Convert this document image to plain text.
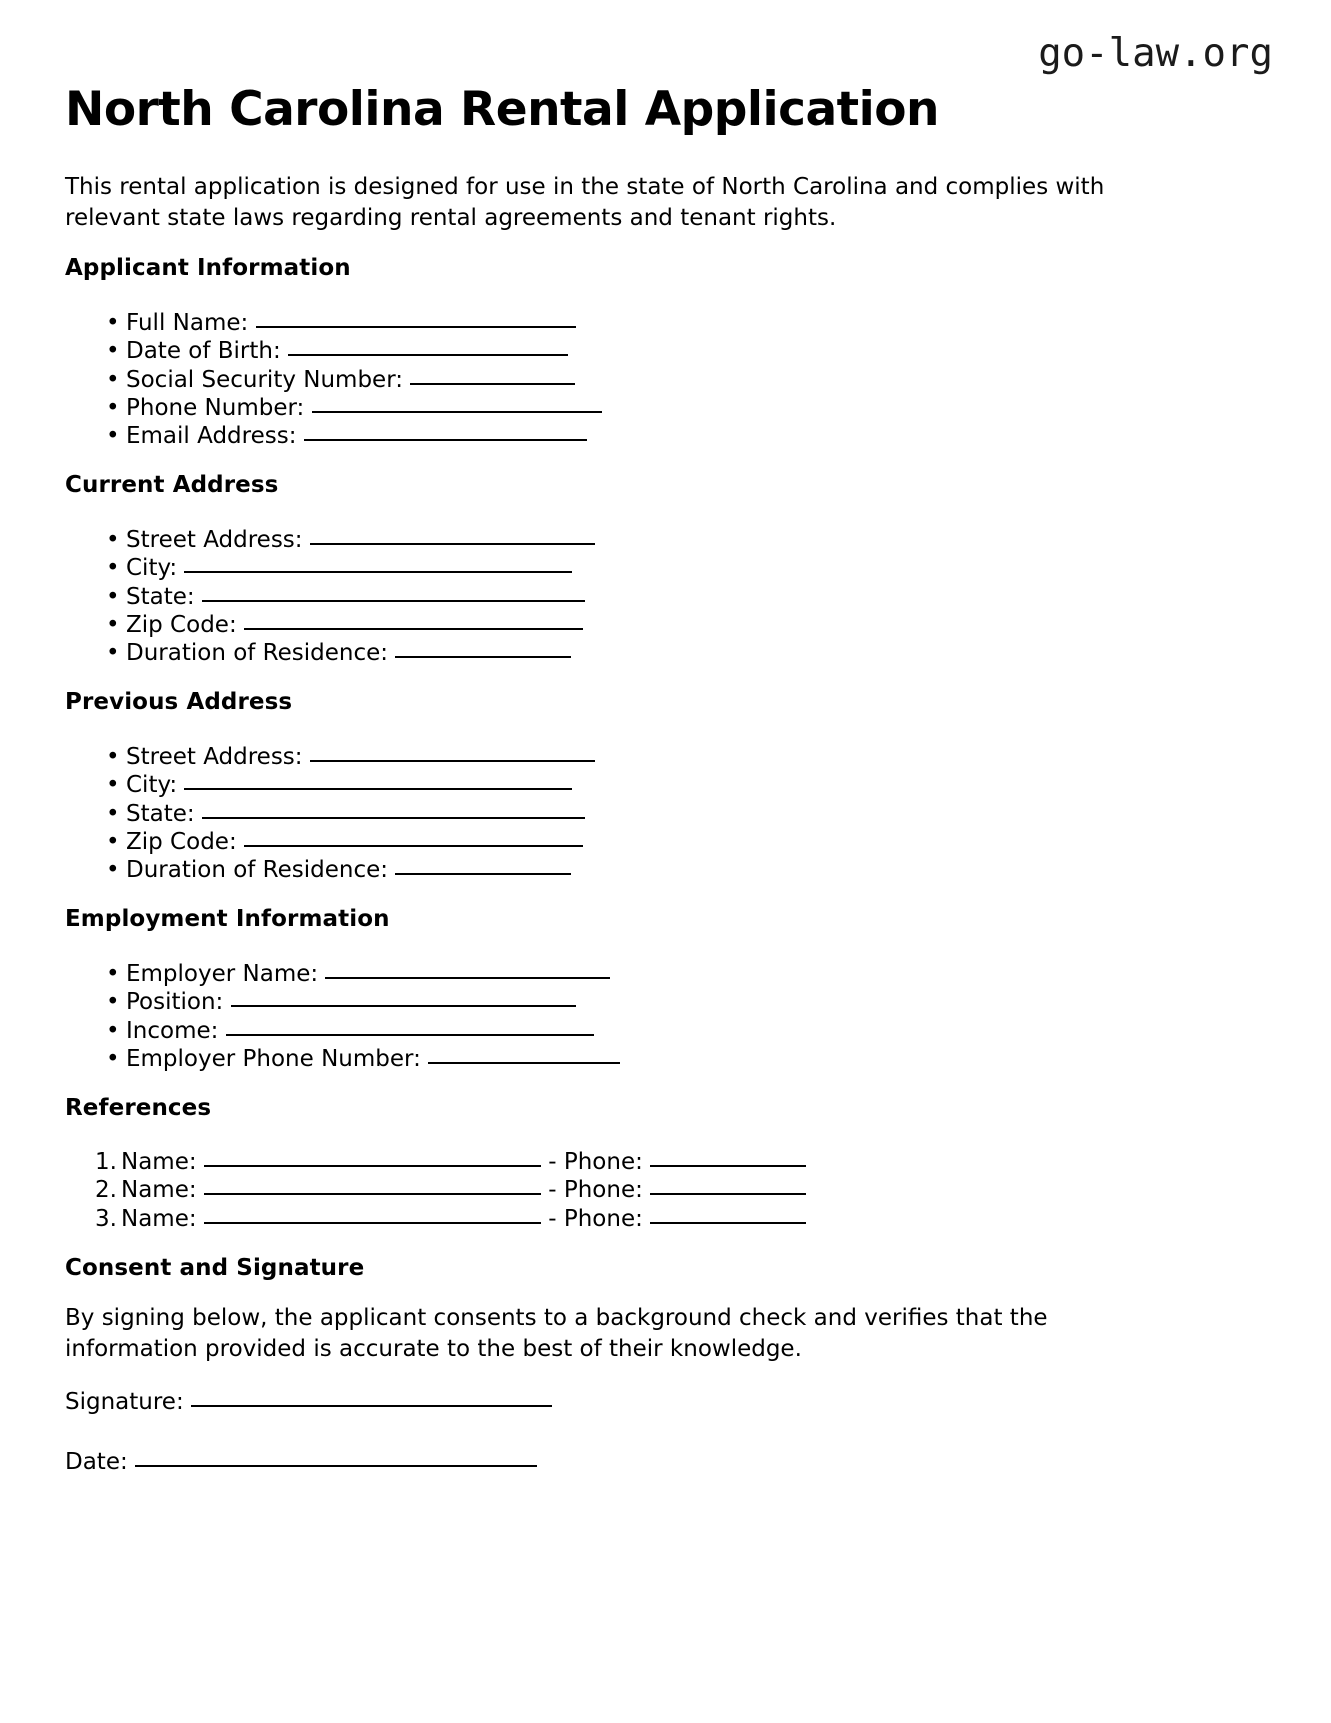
go-law.org
North Carolina Rental Application

This rental application is designed for use in the state of North Carolina and complies with relevant state laws regarding rental agreements and tenant rights.

Applicant Information
• Full Name:
• Date of Birth:
• Social Security Number:
• Phone Number:
• Email Address:
Current Address
• Street Address:
• City:
• State:
• Zip Code:
• Duration of Residence:
Previous Address
• Street Address:
• City:
• State:
• Zip Code:
• Duration of Residence:
Employment Information
• Employer Name:
• Position:
• Income:
• Employer Phone Number:
References
1. Name:	- Phone:
2. Name:	- Phone:
3. Name:	- Phone:
Consent and Signature

By signing below, the applicant consents to a background check and verifies that the information provided is accurate to the best of their knowledge.

Signature:
Date:
